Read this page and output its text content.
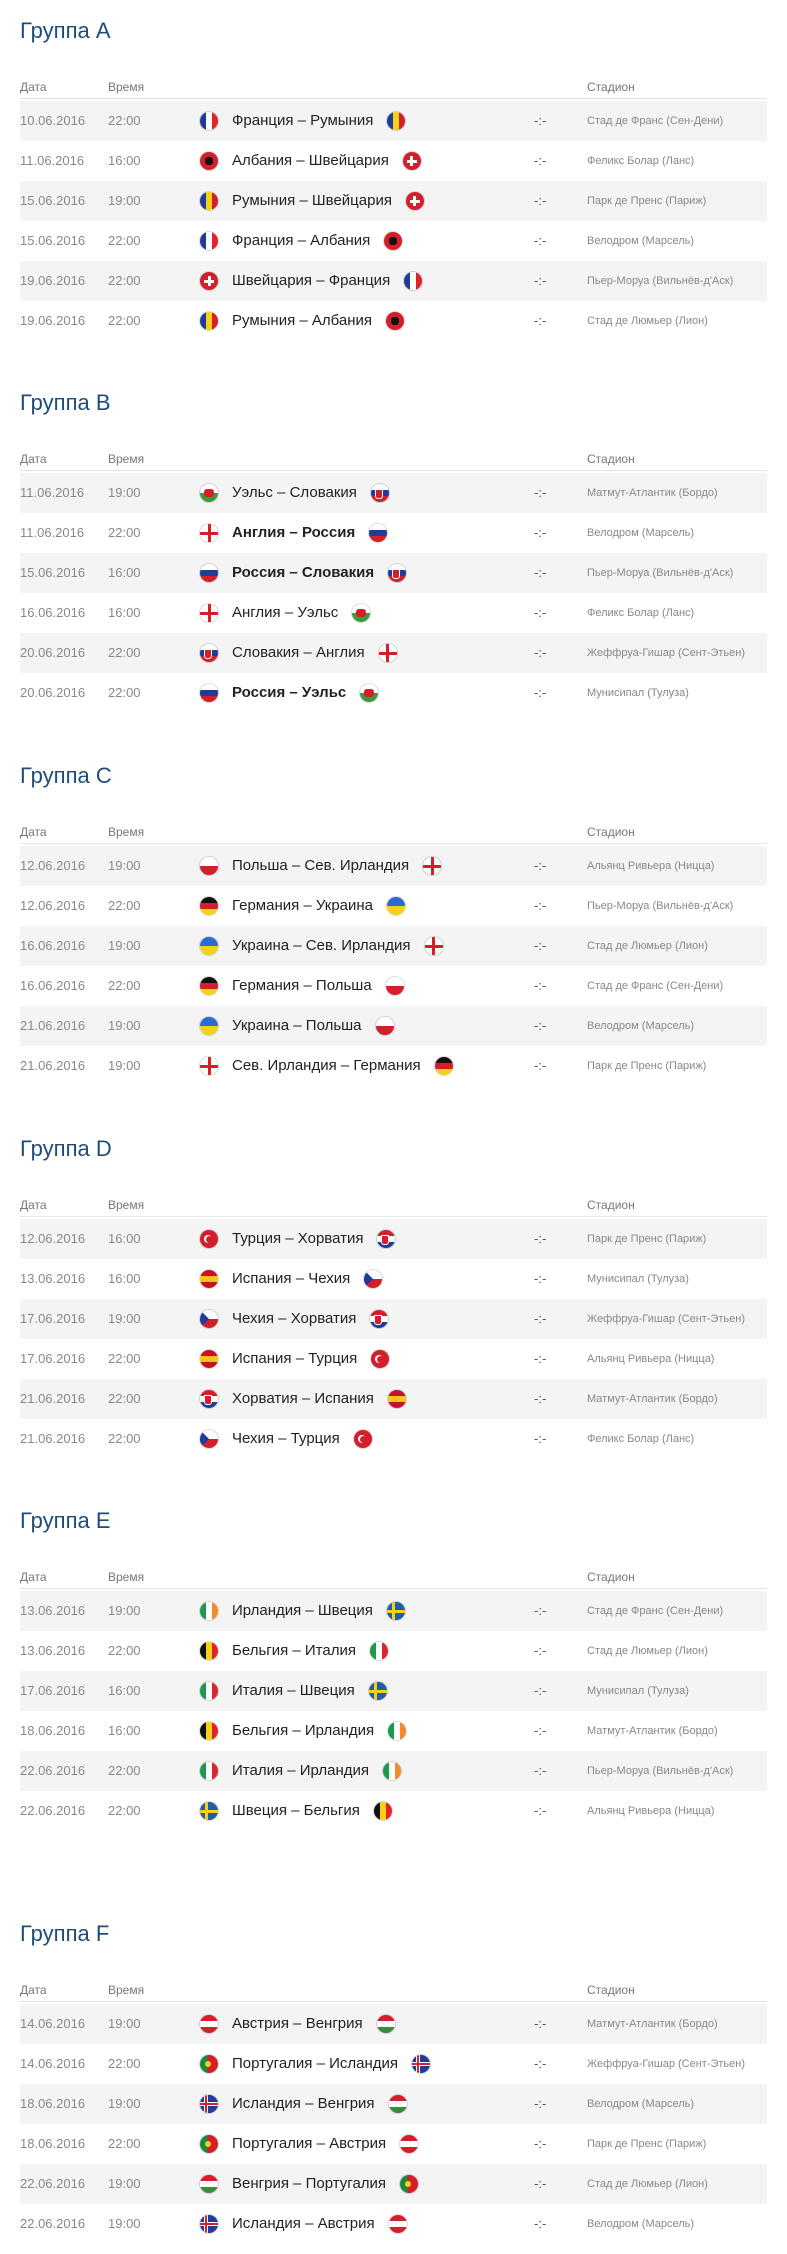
Группа A
Дата	Время	Стадион
10.06.2016 22:00	Франция – Румыния	-:-	Стад де Франс (Сен-Дени)
11.06.2016 16:00	Албания – Швейцария	-:-	Феликс Болар (Ланс)
15.06.2016 19:00	Румыния – Швейцария	-:-	Парк де Пренс (Париж)
15.06.2016 22:00	Франция – Албания	-:-	Велодром (Марсель)
19.06.2016 22:00	Швейцария – Франция	-:-	Пьер-Моруа (Вильнёв-д'Аск)
19.06.2016 22:00	Румыния – Албания	-:-	Стад де Люмьер (Лион)
Группа B
Дата	Время	Стадион
11.06.2016 19:00	Уэльс – Словакия	-:-	Матмут-Атлантик (Бордо)
11.06.2016 22:00	Англия – Россия	-:-	Велодром (Марсель)
15.06.2016 16:00	Россия – Словакия	-:-	Пьер-Моруа (Вильнёв-д'Аск)
16.06.2016 16:00	Англия – Уэльс	-:-	Феликс Болар (Ланс)
20.06.2016 22:00	Словакия – Англия	-:-	Жеффруа-Гишар (Сент-Этьен)
20.06.2016 22:00	Россия – Уэльс	-:-	Мунисипал (Тулуза)
Группа C
Дата	Время	Стадион
12.06.2016 19:00	Польша – Сев. Ирландия	-:-	Альянц Ривьера (Ницца)
12.06.2016 22:00	Германия – Украина	-:-	Пьер-Моруа (Вильнёв-д'Аск)
16.06.2016 19:00	Украина – Сев. Ирландия	-:-	Стад де Люмьер (Лион)
16.06.2016 22:00	Германия – Польша	-:-	Стад де Франс (Сен-Дени)
21.06.2016 19:00	Украина – Польша	-:-	Велодром (Марсель)
21.06.2016 19:00	Сев. Ирландия – Германия	-:-	Парк де Пренс (Париж)
Группа D
Дата	Время	Стадион
12.06.2016 16:00	Турция – Хорватия	-:-	Парк де Пренс (Париж)
13.06.2016 16:00	Испания – Чехия	-:-	Мунисипал (Тулуза)
17.06.2016 19:00	Чехия – Хорватия	-:-	Жеффруа-Гишар (Сент-Этьен)
17.06.2016 22:00	Испания – Турция	-:-	Альянц Ривьера (Ницца)
21.06.2016 22:00	Хорватия – Испания	-:-	Матмут-Атлантик (Бордо)
21.06.2016 22:00	Чехия – Турция	-:-	Феликс Болар (Ланс)
Группа E
Дата	Время	Стадион
13.06.2016 19:00	Ирландия – Швеция	-:-	Стад де Франс (Сен-Дени)
13.06.2016 22:00	Бельгия – Италия	-:-	Стад де Люмьер (Лион)
17.06.2016 16:00	Италия – Швеция	-:-	Мунисипал (Тулуза)
18.06.2016 16:00	Бельгия – Ирландия	-:-	Матмут-Атлантик (Бордо)
22.06.2016 22:00	Италия – Ирландия	-:-	Пьер-Моруа (Вильнёв-д'Аск)
22.06.2016 22:00	Швеция – Бельгия	-:-	Альянц Ривьера (Ницца)
Группа F
Дата	Время	Стадион
14.06.2016 19:00	Австрия – Венгрия	-:-	Матмут-Атлантик (Бордо)
14.06.2016 22:00	Португалия – Исландия	-:-	Жеффруа-Гишар (Сент-Этьен)
18.06.2016 19:00	Исландия – Венгрия	-:-	Велодром (Марсель)
18.06.2016 22:00	Португалия – Австрия	-:-	Парк де Пренс (Париж)
22.06.2016 19:00	Венгрия – Португалия	-:-	Стад де Люмьер (Лион)
22.06.2016 19:00	Исландия – Австрия	-:-	Велодром (Марсель)
